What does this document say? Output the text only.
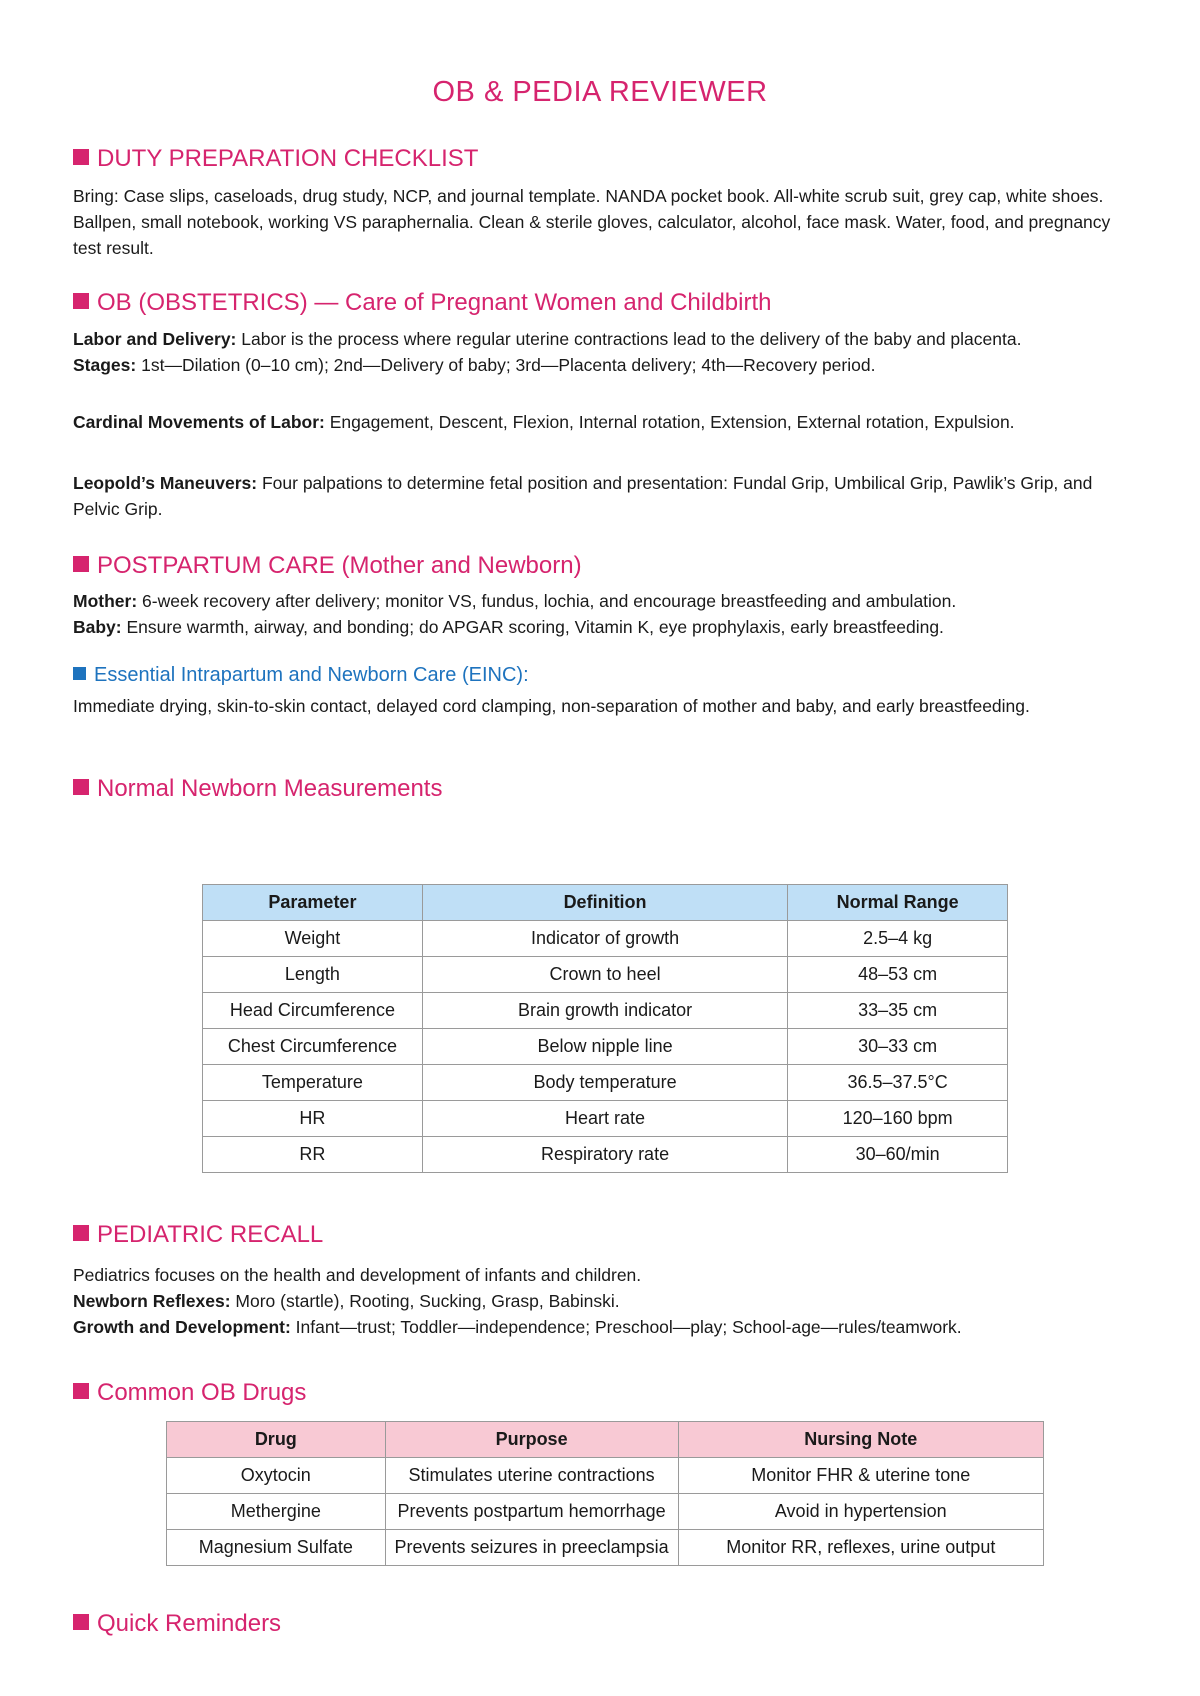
OB & PEDIA REVIEWER
DUTY PREPARATION CHECKLIST
Bring: Case slips, caseloads, drug study, NCP, and journal template. NANDA pocket book. All-white scrub suit, grey cap, white shoes. Ballpen, small notebook, working VS paraphernalia. Clean & sterile gloves, calculator, alcohol, face mask. Water, food, and pregnancy test result.
OB (OBSTETRICS) — Care of Pregnant Women and Childbirth
Labor and Delivery: Labor is the process where regular uterine contractions lead to the delivery of the baby and placenta.
Stages: 1st—Dilation (0–10 cm); 2nd—Delivery of baby; 3rd—Placenta delivery; 4th—Recovery period.
Cardinal Movements of Labor: Engagement, Descent, Flexion, Internal rotation, Extension, External rotation, Expulsion.
Leopold’s Maneuvers: Four palpations to determine fetal position and presentation: Fundal Grip, Umbilical Grip, Pawlik’s Grip, and Pelvic Grip.
POSTPARTUM CARE (Mother and Newborn)
Mother: 6-week recovery after delivery; monitor VS, fundus, lochia, and encourage breastfeeding and ambulation.
Baby: Ensure warmth, airway, and bonding; do APGAR scoring, Vitamin K, eye prophylaxis, early breastfeeding.
Essential Intrapartum and Newborn Care (EINC):
Immediate drying, skin-to-skin contact, delayed cord clamping, non-separation of mother and baby, and early breastfeeding.
Normal Newborn Measurements
Parameter	Definition	Normal Range
Weight	Indicator of growth	2.5–4 kg
Length	Crown to heel	48–53 cm
Head Circumference	Brain growth indicator	33–35 cm
Chest Circumference	Below nipple line	30–33 cm
Temperature	Body temperature	36.5–37.5°C
HR	Heart rate	120–160 bpm
RR	Respiratory rate	30–60/min
PEDIATRIC RECALL
Pediatrics focuses on the health and development of infants and children.
Newborn Reflexes: Moro (startle), Rooting, Sucking, Grasp, Babinski.
Growth and Development: Infant—trust; Toddler—independence; Preschool—play; School-age—rules/teamwork.
Common OB Drugs
Drug	Purpose	Nursing Note
Oxytocin	Stimulates uterine contractions	Monitor FHR & uterine tone
Methergine	Prevents postpartum hemorrhage	Avoid in hypertension
Magnesium Sulfate	Prevents seizures in preeclampsia	Monitor RR, reflexes, urine output
Quick Reminders
